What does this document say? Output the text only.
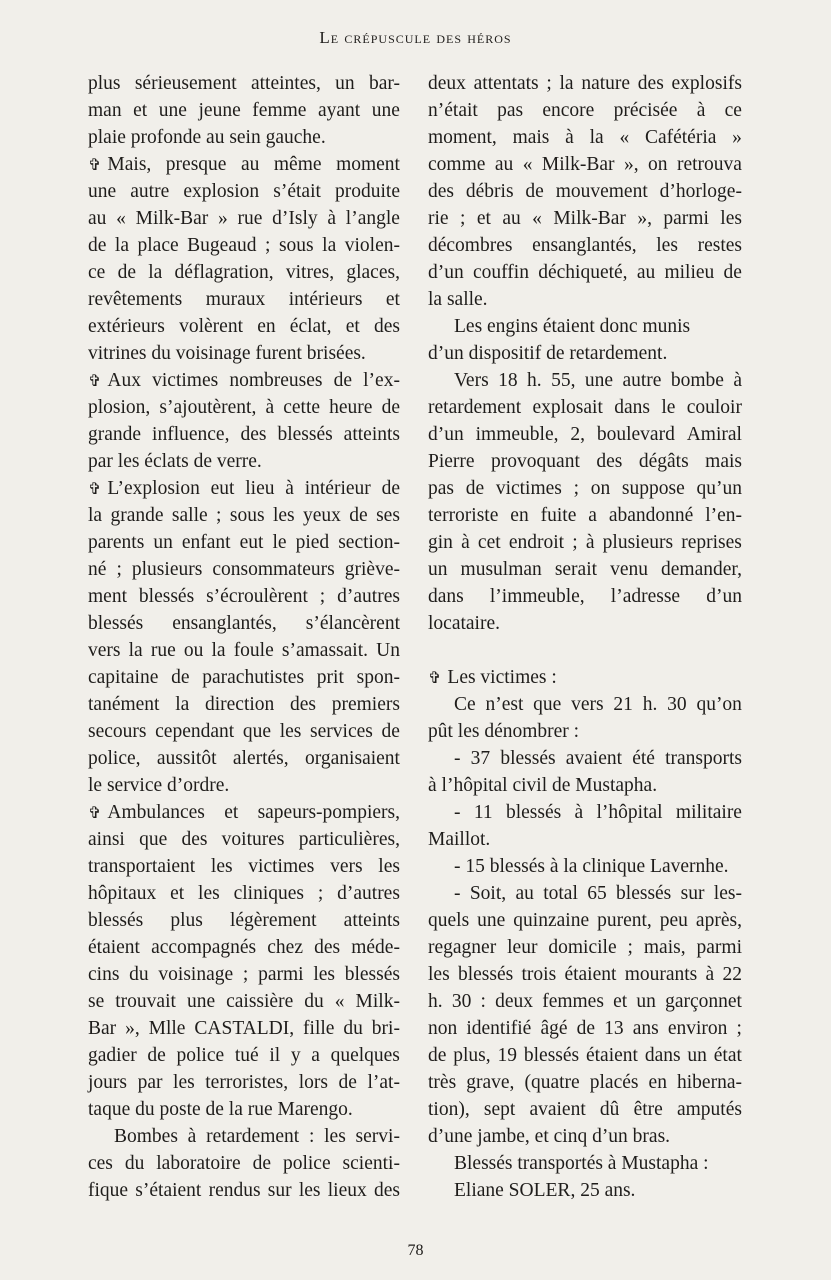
Le crépuscule des héros
plus sérieusement atteintes, un bar-
man et une jeune femme ayant une
plaie profonde au sein gauche.
✞ Mais, presque au même moment
une autre explosion s’était produite
au « Milk-Bar » rue d’Isly à l’angle
de la place Bugeaud ; sous la violen-
ce de la déflagration, vitres, glaces,
revêtements muraux intérieurs et
extérieurs volèrent en éclat, et des
vitrines du voisinage furent brisées.
✞ Aux victimes nombreuses de l’ex-
plosion, s’ajoutèrent, à cette heure de
grande influence, des blessés atteints
par les éclats de verre.
✞ L’explosion eut lieu à intérieur de
la grande salle ; sous les yeux de ses
parents un enfant eut le pied section-
né ; plusieurs consommateurs griève-
ment blessés s’écroulèrent ; d’autres
blessés ensanglantés, s’élancèrent
vers la rue ou la foule s’amassait. Un
capitaine de parachutistes prit spon-
tanément la direction des premiers
secours cependant que les services de
police, aussitôt alertés, organisaient
le service d’ordre.
✞ Ambulances et sapeurs-pompiers,
ainsi que des voitures particulières,
transportaient les victimes vers les
hôpitaux et les cliniques ; d’autres
blessés plus légèrement atteints
étaient accompagnés chez des méde-
cins du voisinage ; parmi les blessés
se trouvait une caissière du « Milk-
Bar », Mlle CASTALDI, fille du bri-
gadier de police tué il y a quelques
jours par les terroristes, lors de l’at-
taque du poste de la rue Marengo.
Bombes à retardement : les servi-
ces du laboratoire de police scienti-
fique s’étaient rendus sur les lieux des
deux attentats ; la nature des explosifs
n’était pas encore précisée à ce
moment, mais à la « Cafétéria »
comme au « Milk-Bar », on retrouva
des débris de mouvement d’horloge-
rie ; et au « Milk-Bar », parmi les
décombres ensanglantés, les restes
d’un couffin déchiqueté, au milieu de
la salle.
Les engins étaient donc munis
d’un dispositif de retardement.
Vers 18 h. 55, une autre bombe à
retardement explosait dans le couloir
d’un immeuble, 2, boulevard Amiral
Pierre provoquant des dégâts mais
pas de victimes ; on suppose qu’un
terroriste en fuite a abandonné l’en-
gin à cet endroit ; à plusieurs reprises
un musulman serait venu demander,
dans l’immeuble, l’adresse d’un
locataire.
✞ Les victimes :
Ce n’est que vers 21 h. 30 qu’on
pût les dénombrer :
- 37 blessés avaient été transports
à l’hôpital civil de Mustapha.
- 11 blessés à l’hôpital militaire
Maillot.
- 15 blessés à la clinique Lavernhe.
- Soit, au total 65 blessés sur les-
quels une quinzaine purent, peu après,
regagner leur domicile ; mais, parmi
les blessés trois étaient mourants à 22
h. 30 : deux femmes et un garçonnet
non identifié âgé de 13 ans environ ;
de plus, 19 blessés étaient dans un état
très grave, (quatre placés en hiberna-
tion), sept avaient dû être amputés
d’une jambe, et cinq d’un bras.
Blessés transportés à Mustapha :
Eliane SOLER, 25 ans.
78
